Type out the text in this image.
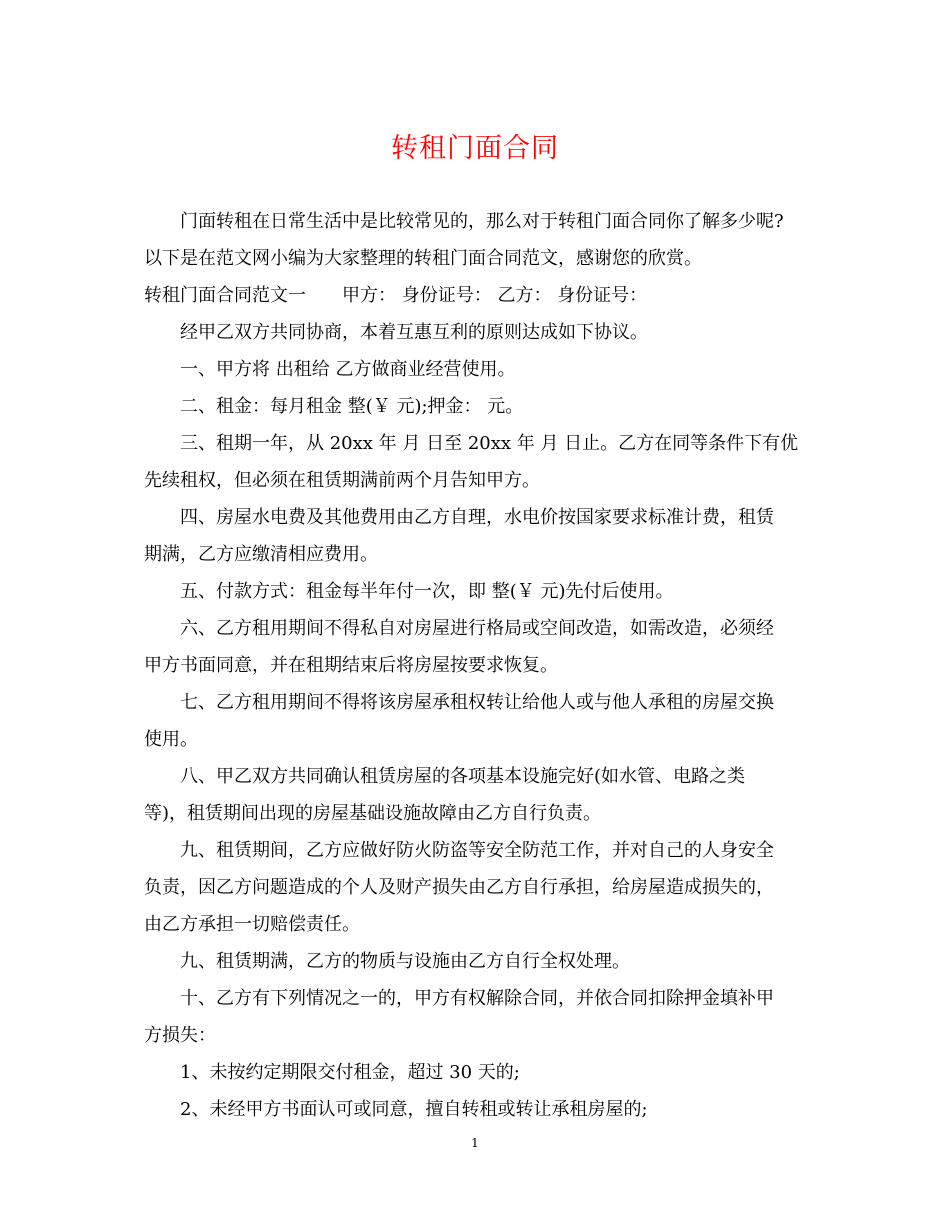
转租门面合同

门面转租在日常生活中是比较常见的，那么对于转租门面合同你了解多少呢?

以下是在范文网小编为大家整理的转租门面合同范文，感谢您的欣赏。

转租门面合同范文一　　甲方： 身份证号： 乙方： 身份证号：

经甲乙双方共同协商，本着互惠互利的原则达成如下协议。

一、甲方将 出租给 乙方做商业经营使用。

二、租金：每月租金 整(￥ 元);押金： 元。

三、租期一年，从 20xx 年 月 日至 20xx 年 月 日止。乙方在同等条件下有优

先续租权，但必须在租赁期满前两个月告知甲方。

四、房屋水电费及其他费用由乙方自理，水电价按国家要求标准计费，租赁

期满，乙方应缴清相应费用。

五、付款方式：租金每半年付一次，即 整(￥ 元)先付后使用。

六、乙方租用期间不得私自对房屋进行格局或空间改造，如需改造，必须经

甲方书面同意，并在租期结束后将房屋按要求恢复。

七、乙方租用期间不得将该房屋承租权转让给他人或与他人承租的房屋交换

使用。

八、甲乙双方共同确认租赁房屋的各项基本设施完好(如水管、电路之类

等)，租赁期间出现的房屋基础设施故障由乙方自行负责。

九、租赁期间，乙方应做好防火防盗等安全防范工作，并对自己的人身安全

负责，因乙方问题造成的个人及财产损失由乙方自行承担，给房屋造成损失的，

由乙方承担一切赔偿责任。

九、租赁期满，乙方的物质与设施由乙方自行全权处理。

十、乙方有下列情况之一的，甲方有权解除合同，并依合同扣除押金填补甲

方损失：

1、未按约定期限交付租金，超过 30 天的;

2、未经甲方书面认可或同意，擅自转租或转让承租房屋的;

1
